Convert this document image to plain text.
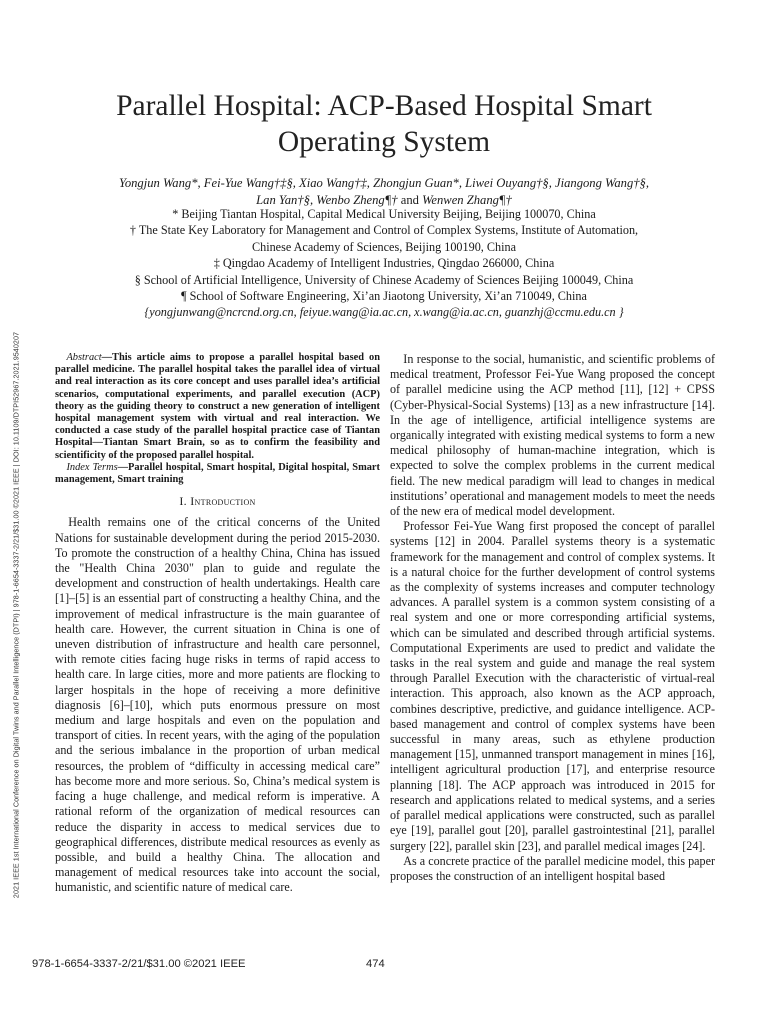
Parallel Hospital: ACP-Based Hospital Smart Operating System
Yongjun Wang*, Fei-Yue Wang†‡§, Xiao Wang†‡, Zhongjun Guan*, Liwei Ouyang†§, Jiangong Wang†§,
Lan Yan†§, Wenbo Zheng¶† and Wenwen Zhang¶†
* Beijing Tiantan Hospital, Capital Medical University Beijing, Beijing 100070, China
† The State Key Laboratory for Management and Control of Complex Systems, Institute of Automation,
Chinese Academy of Sciences, Beijing 100190, China
‡ Qingdao Academy of Intelligent Industries, Qingdao 266000, China
§ School of Artificial Intelligence, University of Chinese Academy of Sciences Beijing 100049, China
¶ School of Software Engineering, Xi’an Jiaotong University, Xi’an 710049, China
{yongjunwang@ncrcnd.org.cn, feiyue.wang@ia.ac.cn, x.wang@ia.ac.cn, guanzhj@ccmu.edu.cn }
2021 IEEE 1st International Conference on Digital Twins and Parallel Intelligence (DTPI) | 978-1-6654-3337-2/21/$31.00 ©2021 IEEE | DOI: 10.1109/DTPI52967.2021.9540207	Abstract—This article aims to propose a parallel hospital based on parallel medicine. The parallel hospital takes the parallel idea of virtual and real interaction as its core concept and uses parallel idea’s artificial scenarios, computational experiments, and parallel execution (ACP) theory as the guiding theory to construct a new generation of intelligent hospital management system with virtual and real interaction. We conducted a case study of the parallel hospital practice case of Tiantan Hospital—Tiantan Smart Brain, so as to confirm the feasibility and scientificity of the proposed parallel hospital.

Index Terms—Parallel hospital, Smart hospital, Digital hospital, Smart management, Smart training

I. Introduction

Health remains one of the critical concerns of the United Nations for sustainable development during the period 2015-2030. To promote the construction of a healthy China, China has issued the "Health China 2030" plan to guide and regulate the development and construction of health undertakings. Health care [1]–[5] is an essential part of constructing a healthy China, and the improvement of medical infrastructure is the main guarantee of health care. However, the current situation in China is one of uneven distribution of infrastructure and health care personnel, with remote cities facing huge risks in terms of rapid access to health care. In large cities, more and more patients are flocking to larger hospitals in the hope of receiving a more definitive diagnosis [6]–[10], which puts enormous pressure on most medium and large hospitals and even on the population and transport of cities. In recent years, with the aging of the population and the serious imbalance in the proportion of urban medical resources, the problem of “difficulty in accessing medical care” has become more and more serious. So, China’s medical system is facing a huge challenge, and medical reform is imperative. A rational reform of the organization of medical resources can reduce the disparity in access to medical services due to geographical differences, distribute medical resources as evenly as possible, and build a healthy China. The allocation and management of medical resources take into account the social, humanistic, and scientific nature of medical care.

In response to the social, humanistic, and scientific problems of medical treatment, Professor Fei-Yue Wang proposed the concept of parallel medicine using the ACP method [11], [12] + CPSS (Cyber-Physical-Social Systems) [13] as a new infrastructure [14]. In the age of intelligence, artificial intelligence systems are organically integrated with existing medical systems to form a new medical philosophy of human-machine integration, which is expected to solve the complex problems in the current medical field. The new medical paradigm will lead to changes in medical institutions’ operational and management models to meet the needs of the new era of medical model development.

Professor Fei-Yue Wang first proposed the concept of parallel systems [12] in 2004. Parallel systems theory is a systematic framework for the management and control of complex systems. It is a natural choice for the further development of control systems as the complexity of systems increases and computer technology advances. A parallel system is a common system consisting of a real system and one or more corresponding artificial systems, which can be simulated and described through artificial systems. Computational Experiments are used to predict and validate the tasks in the real system and guide and manage the real system through Parallel Execution with the characteristic of virtual-real interaction. This approach, also known as the ACP approach, combines descriptive, predictive, and guidance intelligence. ACP-based management and control of complex systems have been successful in many areas, such as ethylene production management [15], unmanned transport management in mines [16], intelligent agricultural production [17], and enterprise resource planning [18]. The ACP approach was introduced in 2015 for research and applications related to medical systems, and a series of parallel medical applications were constructed, such as parallel eye [19], parallel gout [20], parallel gastrointestinal [21], parallel surgery [22], parallel skin [23], and parallel medical images [24].

As a concrete practice of the parallel medicine model, this paper proposes the construction of an intelligent hospital based

978-1-6654-3337-2/21/$31.00 ©2021 IEEE	474
